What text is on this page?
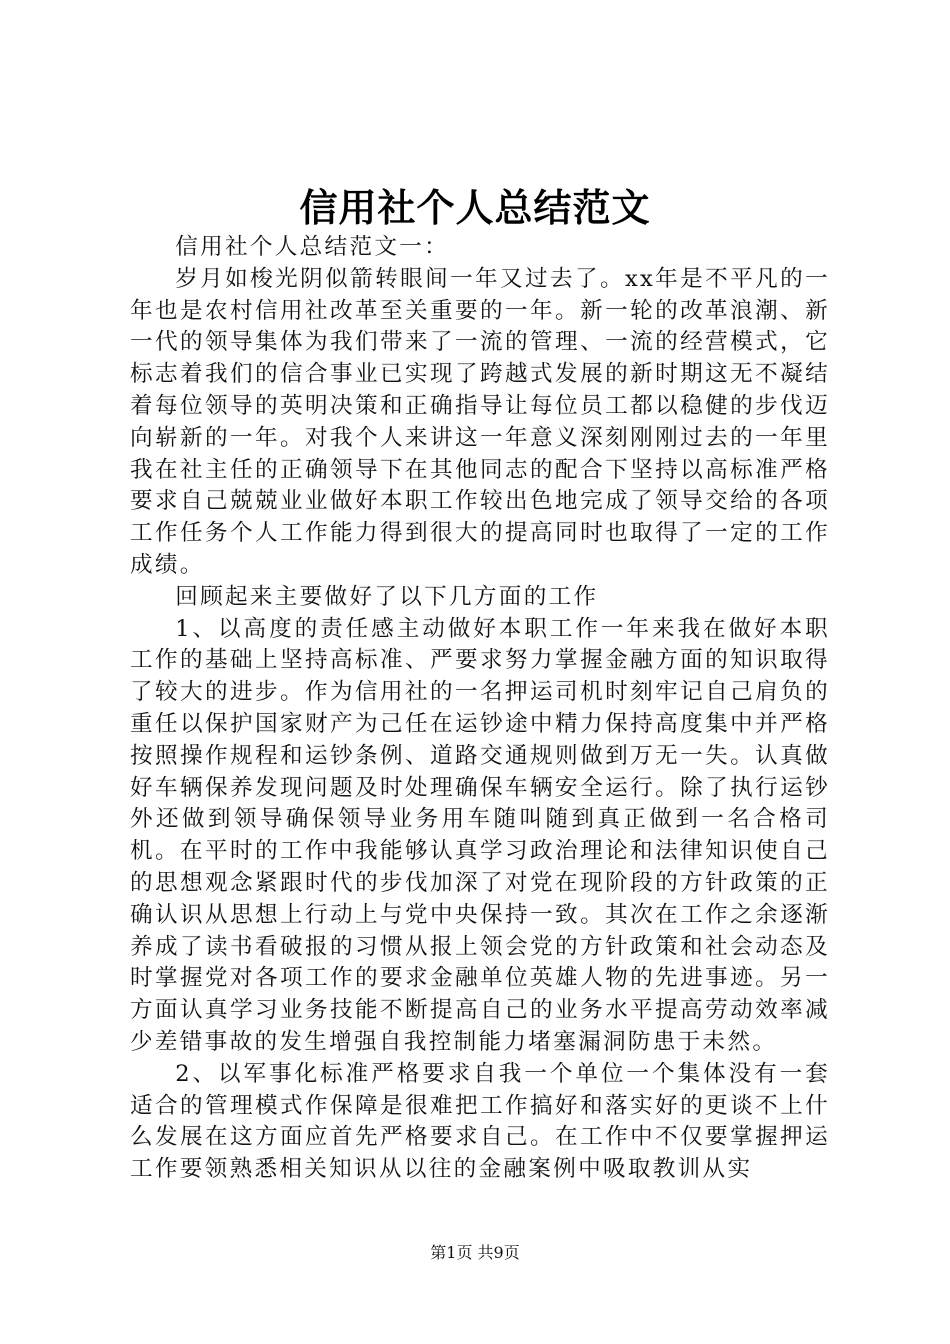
信用社个人总结范文

信用社个人总结范文一：

岁月如梭光阴似箭转眼间一年又过去了。xx年是不平凡的一年也是农村信用社改革至关重要的一年。新一轮的改革浪潮、新一代的领导集体为我们带来了一流的管理、一流的经营模式，它标志着我们的信合事业已实现了跨越式发展的新时期这无不凝结着每位领导的英明决策和正确指导让每位员工都以稳健的步伐迈向崭新的一年。对我个人来讲这一年意义深刻刚刚过去的一年里我在社主任的正确领导下在其他同志的配合下坚持以高标准严格要求自己兢兢业业做好本职工作较出色地完成了领导交给的各项工作任务个人工作能力得到很大的提高同时也取得了一定的工作成绩。

回顾起来主要做好了以下几方面的工作

1、以高度的责任感主动做好本职工作一年来我在做好本职工作的基础上坚持高标准、严要求努力掌握金融方面的知识取得了较大的进步。作为信用社的一名押运司机时刻牢记自己肩负的重任以保护国家财产为己任在运钞途中精力保持高度集中并严格按照操作规程和运钞条例、道路交通规则做到万无一失。认真做好车辆保养发现问题及时处理确保车辆安全运行。除了执行运钞外还做到领导确保领导业务用车随叫随到真正做到一名合格司机。在平时的工作中我能够认真学习政治理论和法律知识使自己的思想观念紧跟时代的步伐加深了对党在现阶段的方针政策的正确认识从思想上行动上与党中央保持一致。其次在工作之余逐渐养成了读书看破报的习惯从报上领会党的方针政策和社会动态及时掌握党对各项工作的要求金融单位英雄人物的先进事迹。另一方面认真学习业务技能不断提高自己的业务水平提高劳动效率减少差错事故的发生增强自我控制能力堵塞漏洞防患于未然。

2、以军事化标准严格要求自我一个单位一个集体没有一套适合的管理模式作保障是很难把工作搞好和落实好的更谈不上什么发展在这方面应首先严格要求自己。在工作中不仅要掌握押运工作要领熟悉相关知识从以往的金融案例中吸取教训从实

第1页 共9页
